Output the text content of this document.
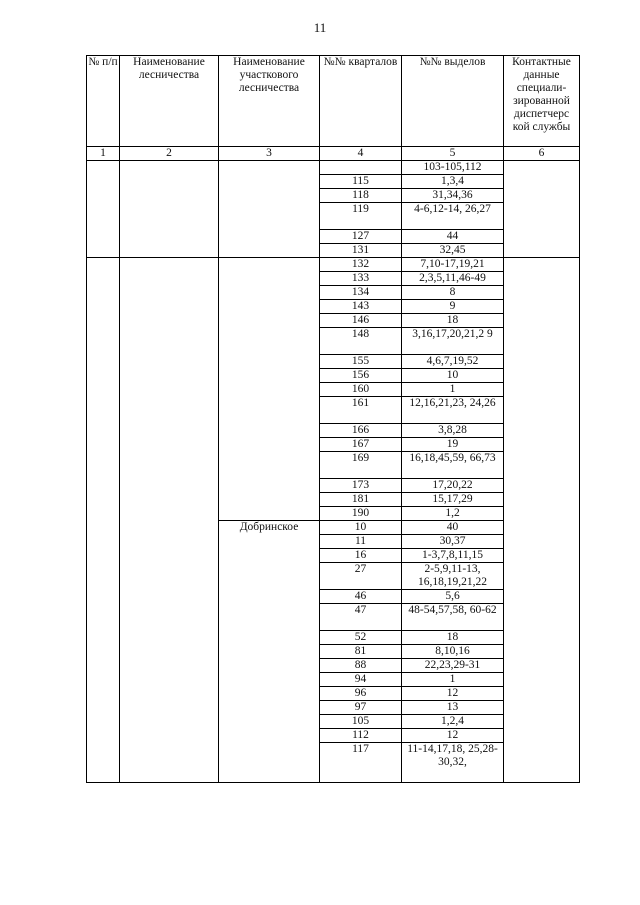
11
№ п/п	Наименование лесничества	Наименование участкового лесничества	№№ кварталов	№№ выделов	Контактные данные специали-зированной диспетчерс кой службы
1	2	3	4	5	6
				103-105,112	
			115	1,3,4	
			118	31,34,36	
			119	4-6,12-14, 26,27	
			127	44	
			131	32,45	
			132	7,10-17,19,21	
			133	2,3,5,11,46-49	
			134	8	
			143	9	
			146	18	
			148	3,16,17,20,21,2 9	
			155	4,6,7,19,52	
			156	10	
			160	1	
			161	12,16,21,23, 24,26	
			166	3,8,28	
			167	19	
			169	16,18,45,59, 66,73	
			173	17,20,22	
			181	15,17,29	
			190	1,2	
		Добринское	10	40	
			11	30,37	
			16	1-3,7,8,11,15	
			27	2-5,9,11-13, 16,18,19,21,22	
			46	5,6	
			47	48-54,57,58, 60-62	
			52	18	
			81	8,10,16	
			88	22,23,29-31	
			94	1	
			96	12	
			97	13	
			105	1,2,4	
			112	12	
			117	11-14,17,18, 25,28-30,32,	
